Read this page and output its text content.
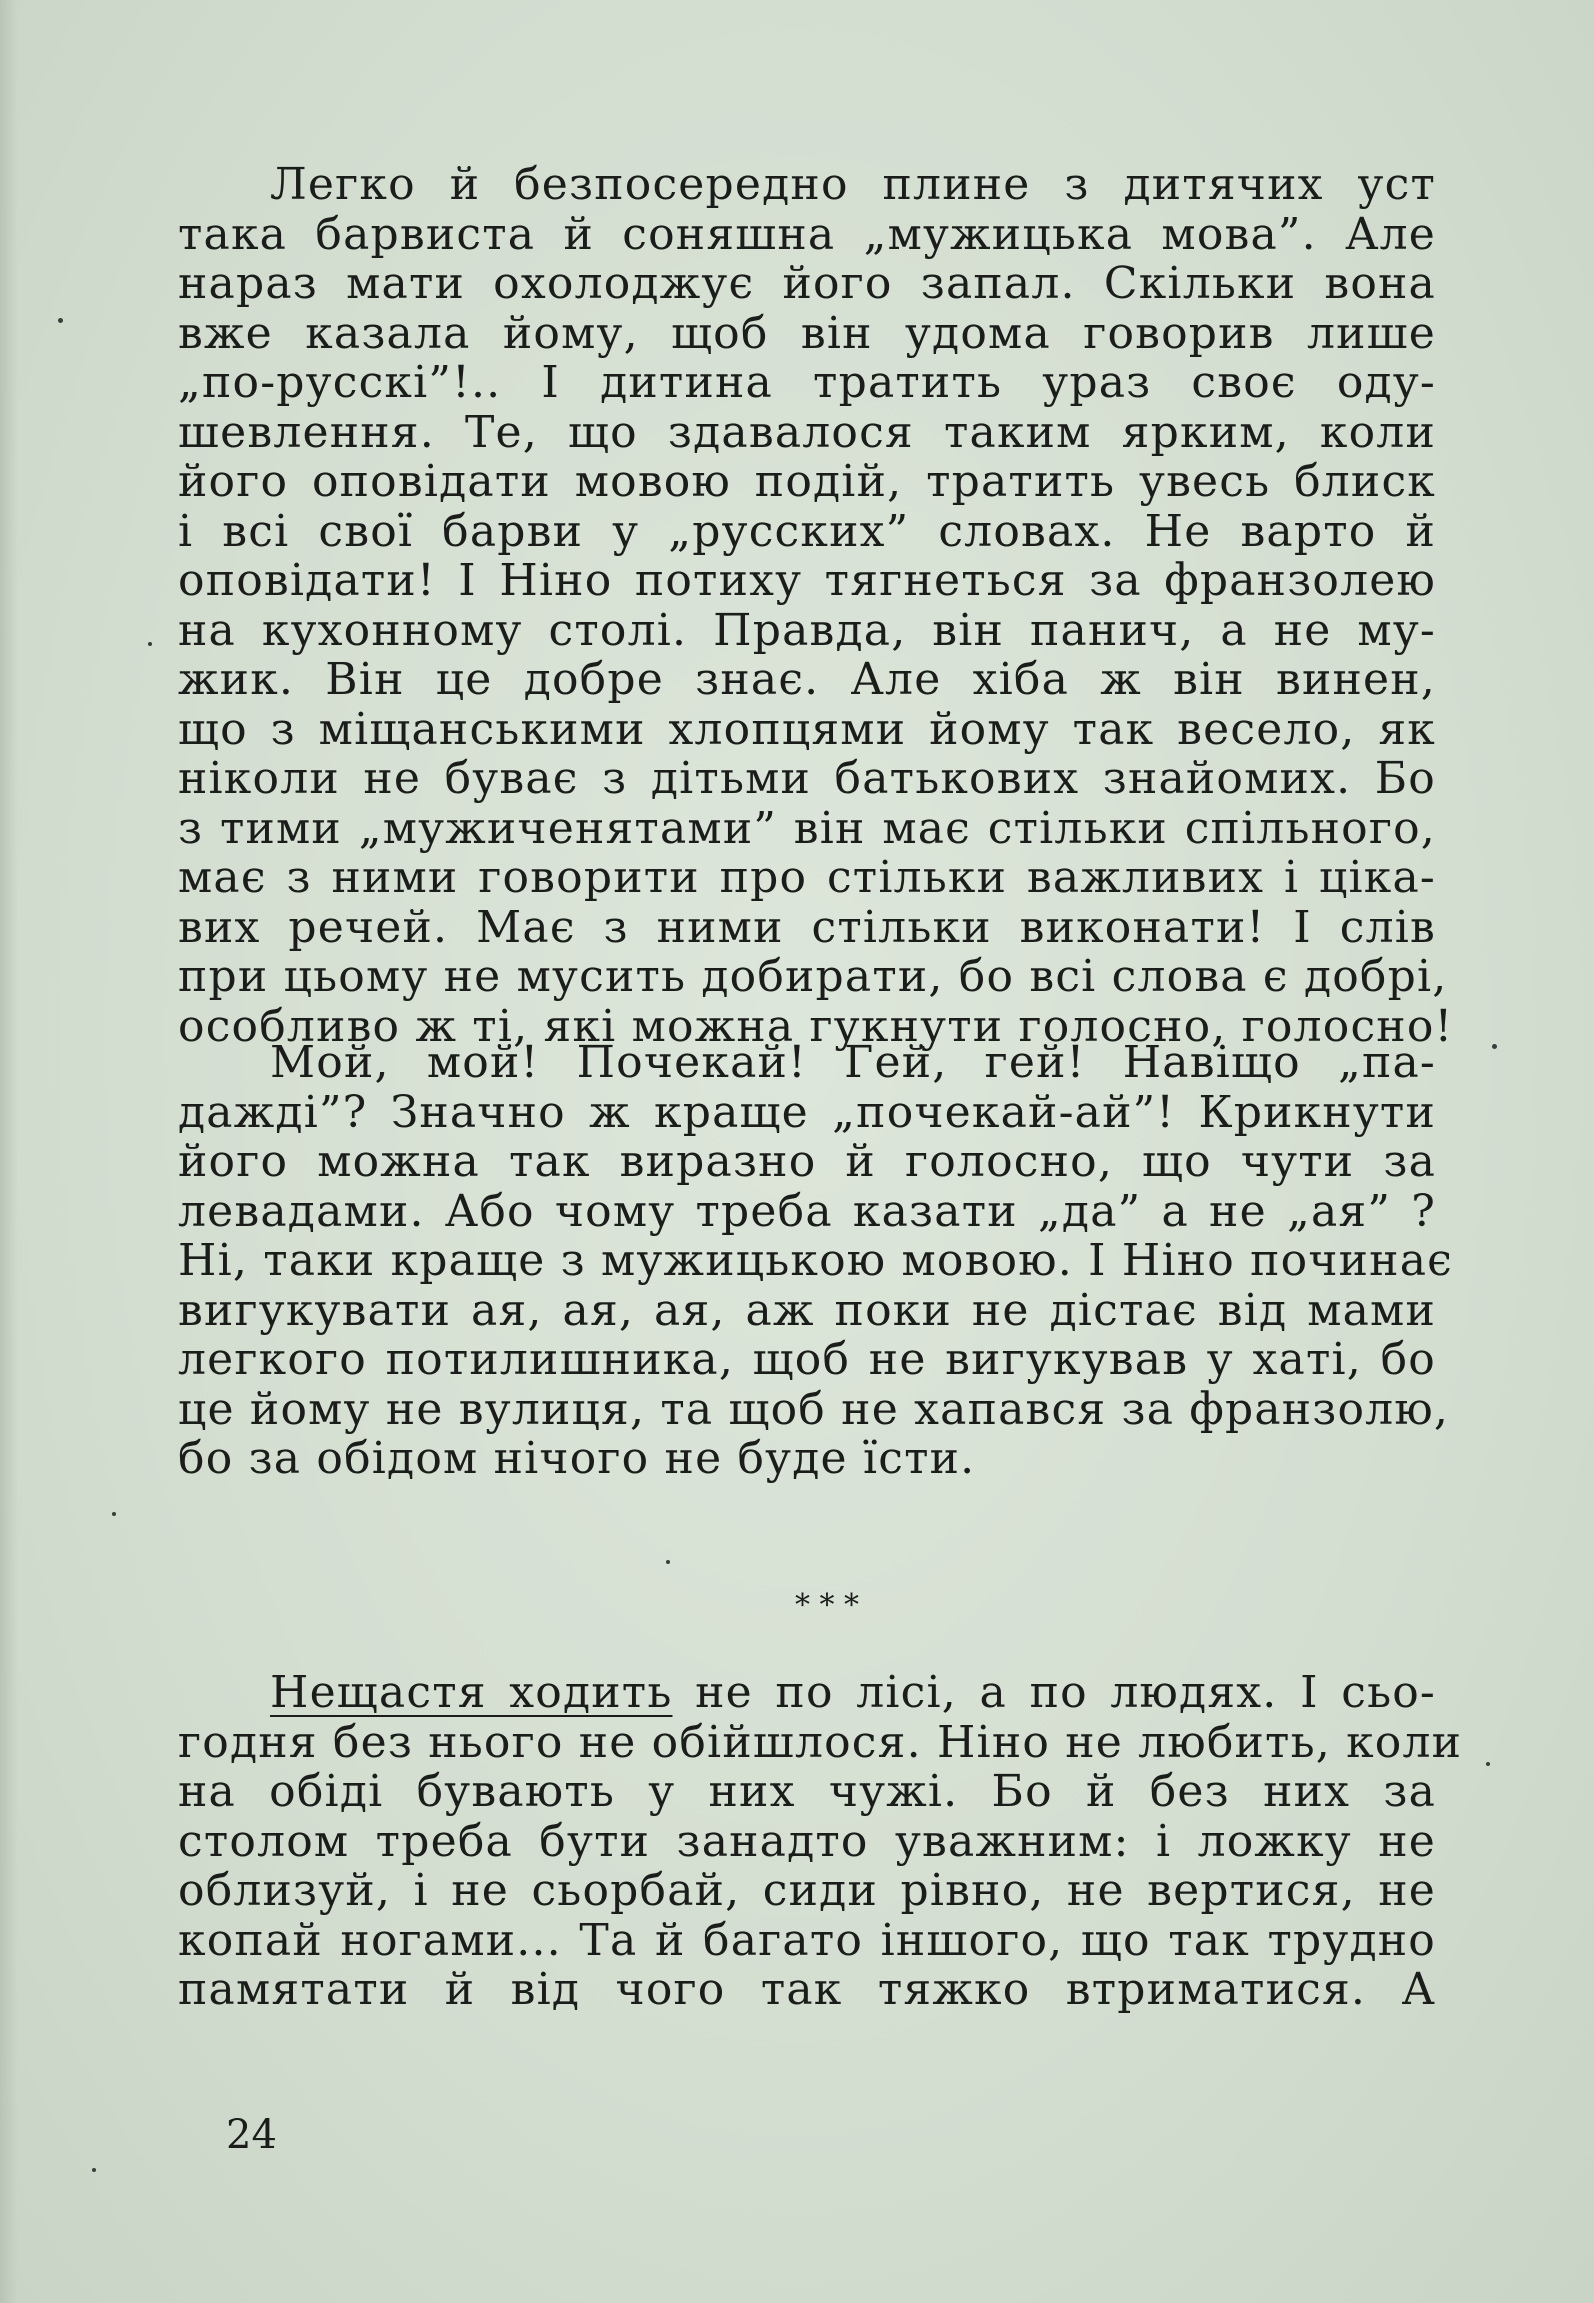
Легко й безпосередно плине з дитячих уст
така барвиста й соняшна „мужицька мова”. Але
нараз мати охолоджує його запал. Скільки вона
вже казала йому, щоб він удома говорив лише
„по-русскі”!.. І дитина тратить ураз своє оду-
шевлення. Те, що здавалося таким ярким, коли
його оповідати мовою подій, тратить увесь блиск
і всі свої барви у „русских” словах. Не варто й
оповідати! І Ніно потиху тягнеться за франзолею
на кухонному столі. Правда, він панич, а не му-
жик. Він це добре знає. Але хіба ж він винен,
що з міщанськими хлопцями йому так весело, як
ніколи не буває з дітьми батькових знайомих. Бо
з тими „мужиченятами” він має стільки спільного,
має з ними говорити про стільки важливих і ціка-
вих речей. Має з ними стільки виконати! І слів
при цьому не мусить добирати, бо всі слова є добрі,
особливо ж ті, які можна гукнути голосно, голосно!
Мой, мой! Почекай! Гей, гей! Навіщо „па-
дажді”? Значно ж краще „почекай-ай”! Крикнути
його можна так виразно й голосно, що чути за
левадами. Або чому треба казати „да” а не „ая” ?
Ні, таки краще з мужицькою мовою. І Ніно починає
вигукувати ая, ая, ая, аж поки не дістає від мами
легкого потилишника, щоб не вигукував у хаті, бо
це йому не вулиця, та щоб не хапався за франзолю,
бо за обідом нічого не буде їсти.
* * *
Нещастя ходить не по лісі, а по людях. І сьо-
годня без нього не обійшлося. Ніно не любить, коли
на обіді бувають у них чужі. Бо й без них за
столом треба бути занадто уважним: і ложку не
облизуй, і не сьорбай, сиди рівно, не вертися, не
копай ногами... Та й багато іншого, що так трудно
памятати й від чого так тяжко втриматися. А
24
